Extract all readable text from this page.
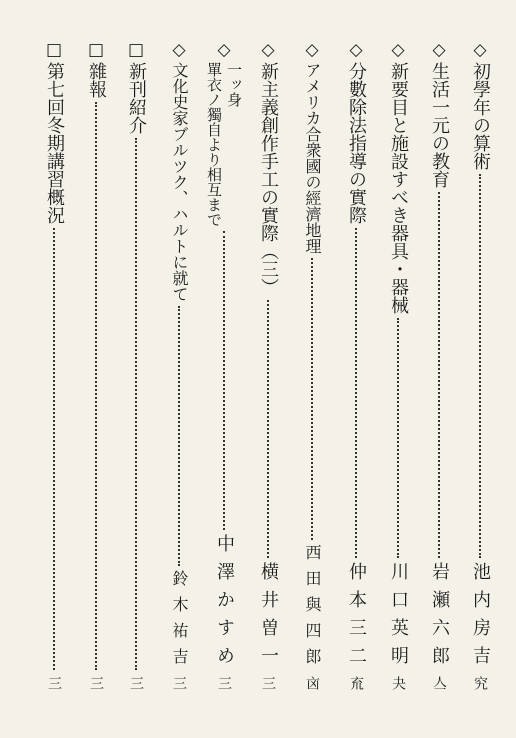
◇
初學年の算術
池内房吉
究
◇
生活一元の教育
岩瀬六郎
亼
◇
新要目と施設すべき器具・器械
川口英明
夬
◇
分數除法指導の實際
仲本三二
㐬
◇
アメリカ合衆國の經濟地理
西田與四郎
㐫
◇
新主義創作手工の實際（三）
横井曽一
三
◇
一ッ身
單衣ノ獨自より相互まで
中澤かすめ
三
◇
文化史家ブルツク、ハルトに就て
鈴木祐吉
三
□
新刊紹介
三
□
雜報
三
□
第七回冬期講習概況
三
